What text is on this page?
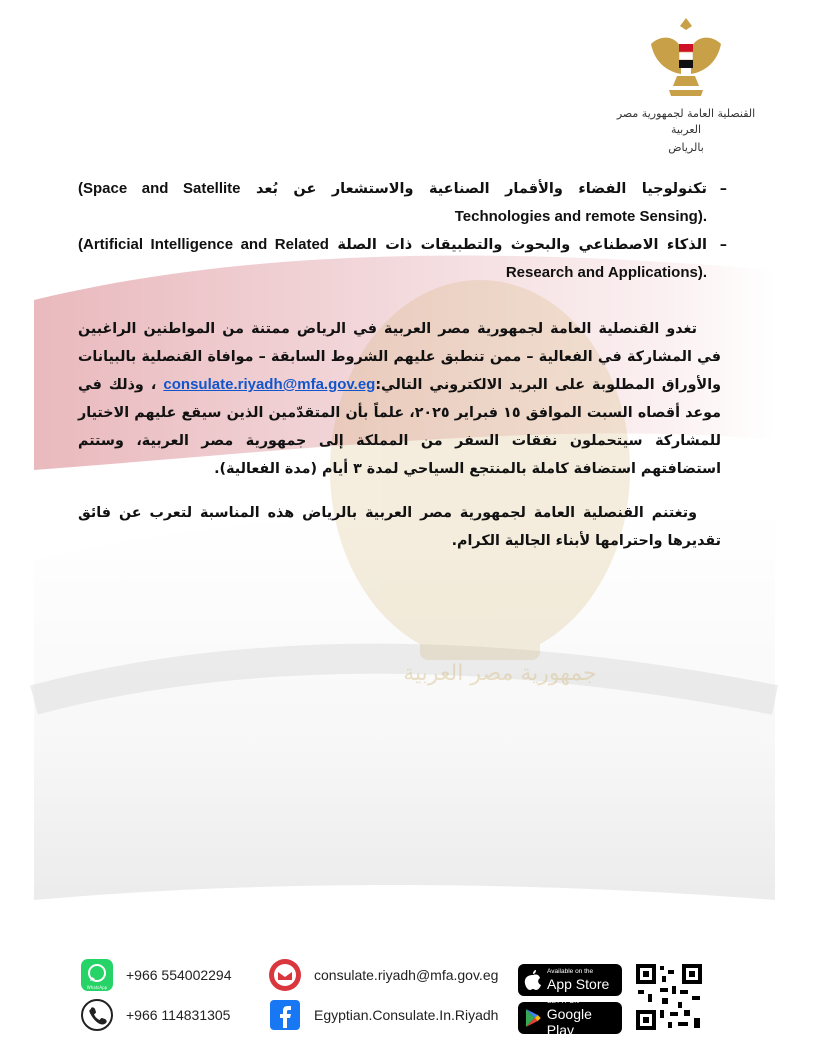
جمهورية مصر العربية
القنصلية العامة لجمهورية مصر العربية
بالرياض
– تكنولوجيا الفضاء والأقمار الصناعية والاستشعار عن بُعد (Space and Satellite Technologies and remote Sensing).
– الذكاء الاصطناعي والبحوث والتطبيقات ذات الصلة (Artificial Intelligence and Related Research and Applications).
تغدو القنصلية العامة لجمهورية مصر العربية في الرياض ممتنة من المواطنين الراغبين في المشاركة في الفعالية – ممن تنطبق عليهم الشروط السابقة – موافاة القنصلية بالبيانات والأوراق المطلوبة على البريد الالكتروني التالي:consulate.riyadh@mfa.gov.eg ، وذلك في موعد أقصاه السبت الموافق ١٥ فبراير ٢٠٢٥، علماً بأن المتقدّمين الذين سيقع عليهم الاختيار للمشاركة سيتحملون نفقات السفر من المملكة إلى جمهورية مصر العربية، وستتم استضافتهم استضافة كاملة بالمنتجع السياحي لمدة ٣ أيام (مدة الفعالية).
وتغتنم القنصلية العامة لجمهورية مصر العربية بالرياض هذه المناسبة لتعرب عن فائق تقديرها واحترامها لأبناء الجالية الكرام.
WhatsApp
+966 554002294
+966 114831305
consulate.riyadh@mfa.gov.eg
Egyptian.Consulate.In.Riyadh
Available on the
App Store
GET IT ON
Google Play
